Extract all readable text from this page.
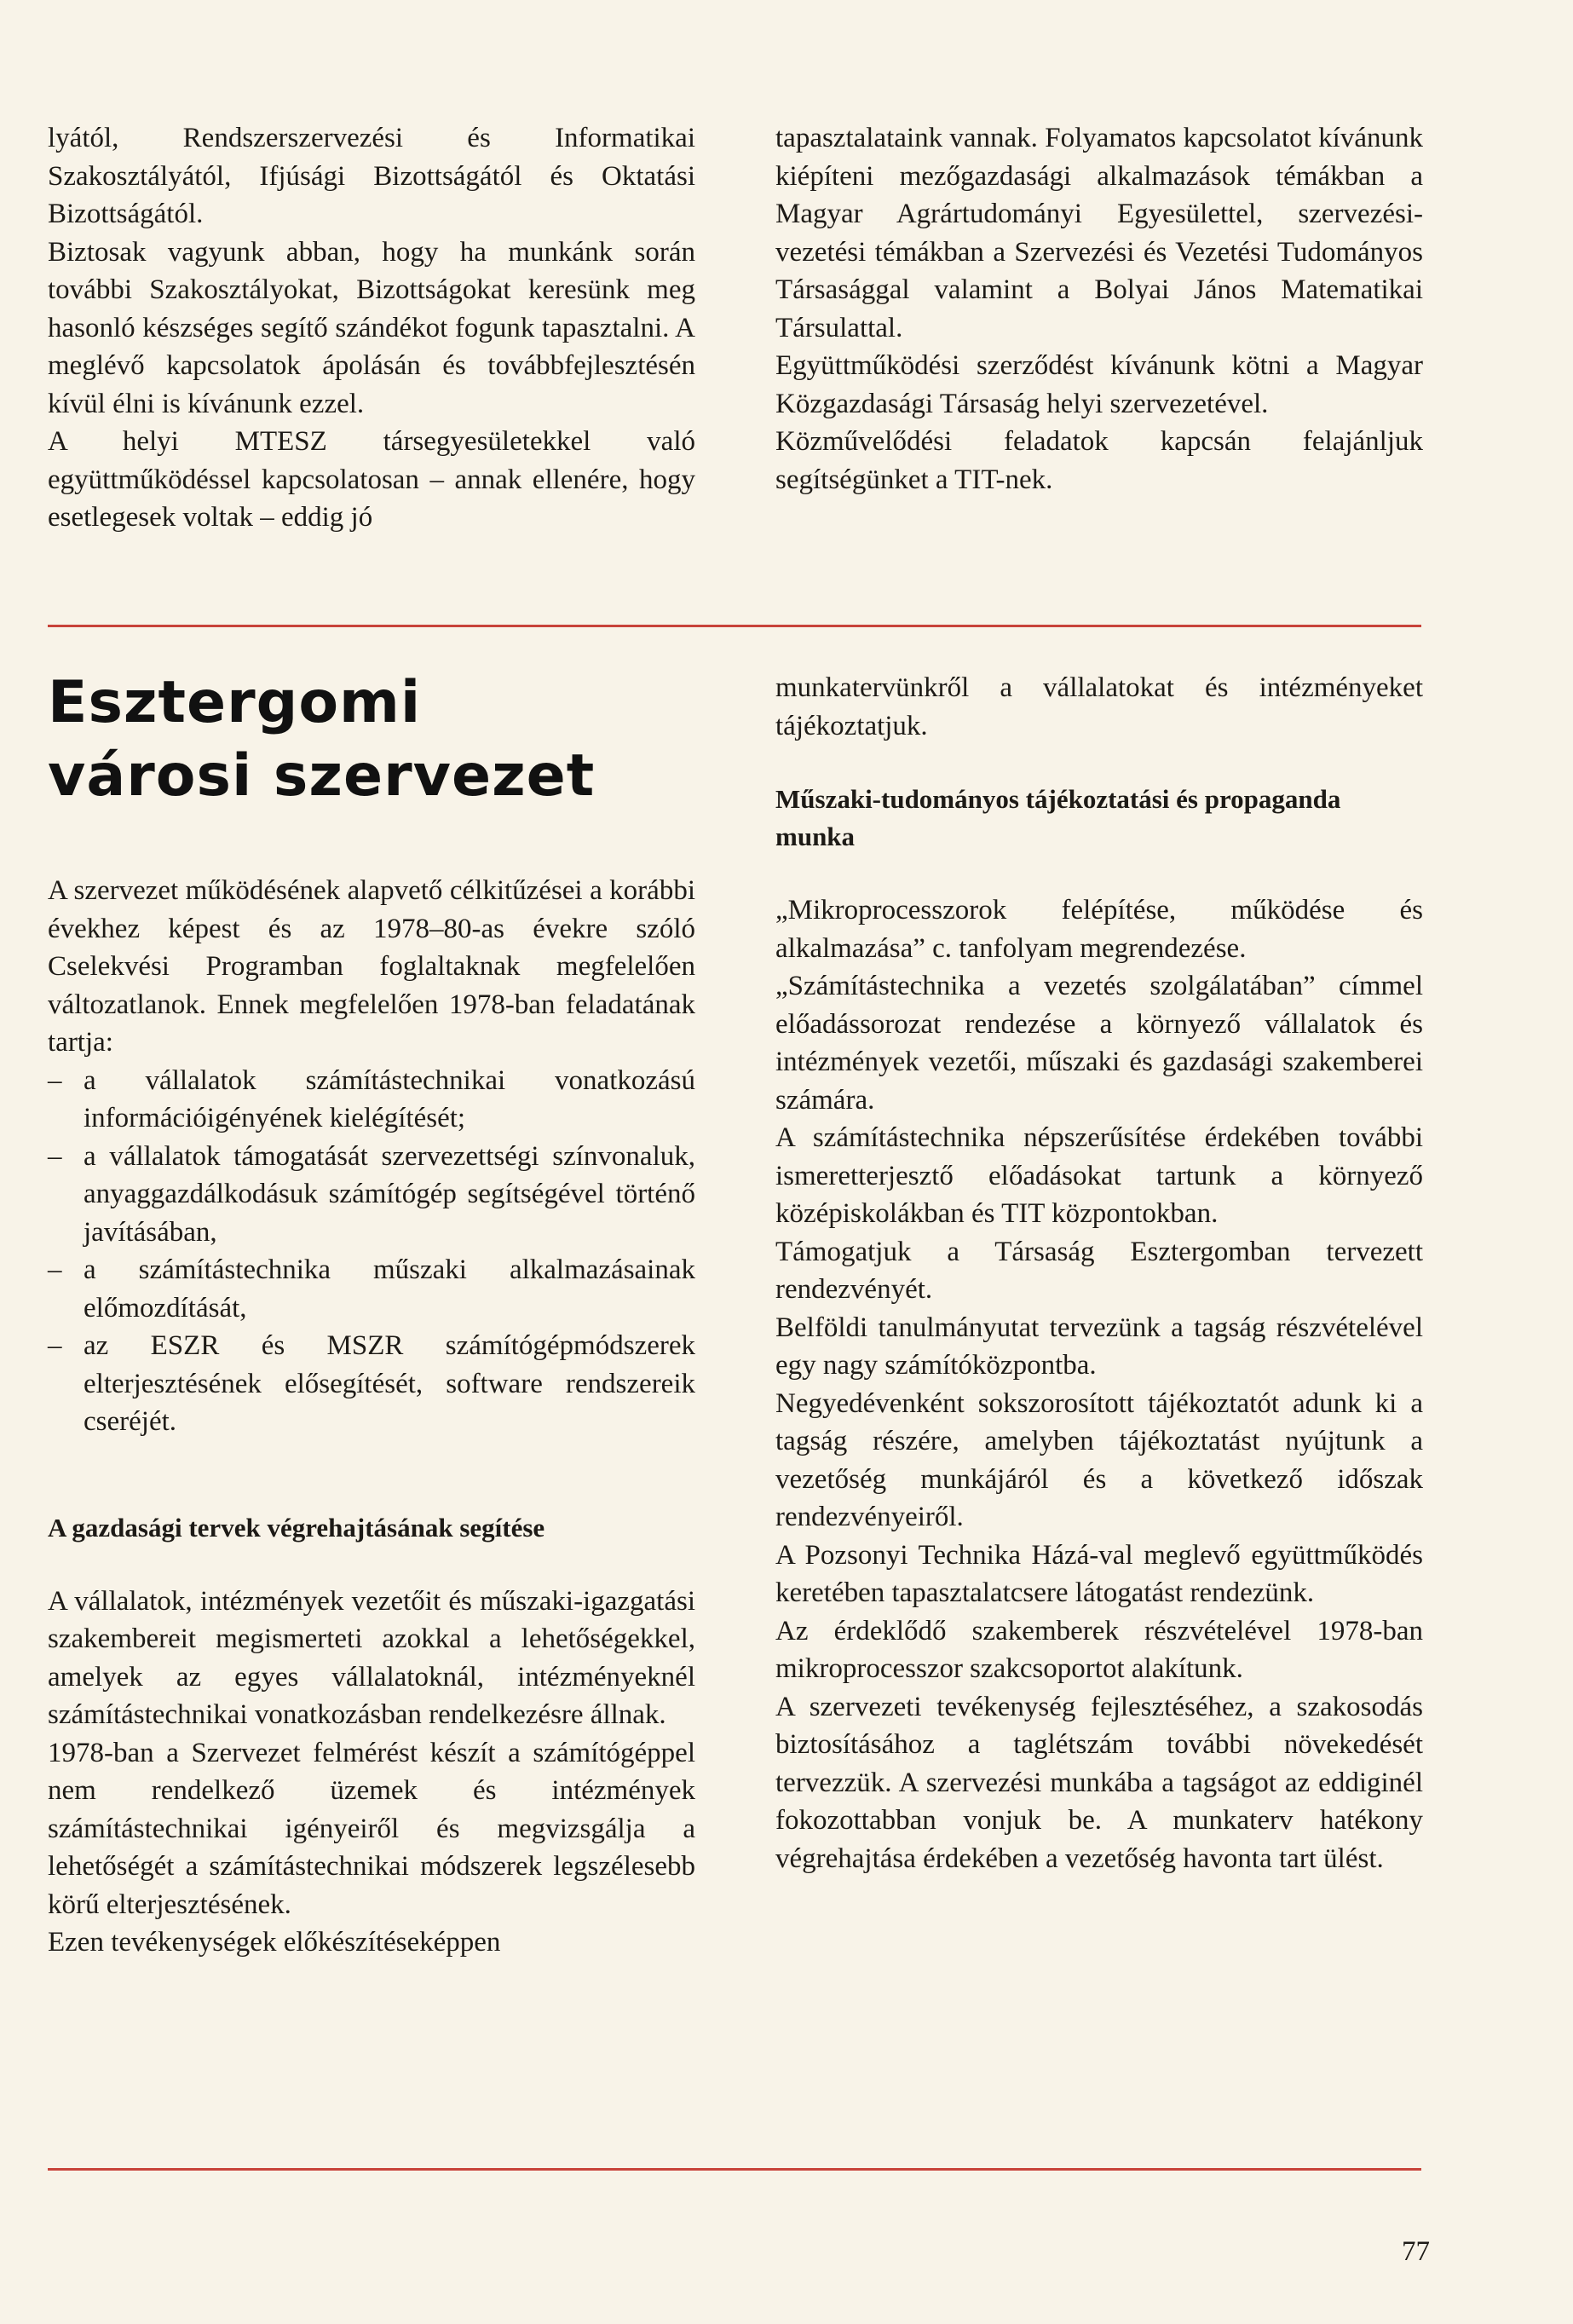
lyától, Rendszerszervezési és Informatikai Szakosztályától, Ifjúsági Bizottságától és Oktatási Bizottságától.

Biztosak vagyunk abban, hogy ha munkánk során további Szakosztályokat, Bizottságokat keresünk meg hasonló készséges segítő szándékot fogunk tapasztalni. A meglévő kapcsolatok ápolásán és továbbfejlesztésén kívül élni is kívánunk ezzel.

A helyi MTESZ társegyesületekkel való együttműködéssel kapcsolatosan – annak ellenére, hogy esetlegesek voltak – eddig jó

tapasztalataink vannak. Folyamatos kapcsolatot kívánunk kiépíteni mezőgazdasági alkalmazások témákban a Magyar Agrártudományi Egyesülettel, szervezési-vezetési témákban a Szervezési és Vezetési Tudományos Társasággal valamint a Bolyai János Matematikai Társulattal.

Együttműködési szerződést kívánunk kötni a Magyar Közgazdasági Társaság helyi szervezetével.

Közművelődési feladatok kapcsán felajánljuk segítségünket a TIT-nek.

Esztergomi
városi szervezet

A szervezet működésének alapvető célkitűzései a korábbi évekhez képest és az 1978–80-as évekre szóló Cselekvési Programban foglaltaknak megfelelően változatlanok. Ennek megfelelően 1978-ban feladatának tartja:

– a vállalatok számítástechnikai vonatkozású információigényének kielégítését;
– a vállalatok támogatását szervezettségi színvonaluk, anyaggazdálkodásuk számítógép segítségével történő javításában,
– a számítástechnika műszaki alkalmazásainak előmozdítását,
– az ESZR és MSZR számítógépmódszerek elterjesztésének elősegítését, software rendszereik cseréjét.

A gazdasági tervek végrehajtásának segítése

A vállalatok, intézmények vezetőit és műszaki-igazgatási szakembereit megismerteti azokkal a lehetőségekkel, amelyek az egyes vállalatoknál, intézményeknél számítástechnikai vonatkozásban rendelkezésre állnak.

1978-ban a Szervezet felmérést készít a számítógéppel nem rendelkező üzemek és intézmények számítástechnikai igényeiről és megvizsgálja a lehetőségét a számítástechnikai módszerek legszélesebb körű elterjesztésének.

Ezen tevékenységek előkészítéseképpen

munkatervünkről a vállalatokat és intézményeket tájékoztatjuk.

Műszaki-tudományos tájékoztatási és propaganda munka

„Mikroprocesszorok felépítése, működése és alkalmazása” c. tanfolyam megrendezése.

„Számítástechnika a vezetés szolgálatában” címmel előadássorozat rendezése a környező vállalatok és intézmények vezetői, műszaki és gazdasági szakemberei számára.

A számítástechnika népszerűsítése érdekében további ismeretterjesztő előadásokat tartunk a környező középiskolákban és TIT központokban.

Támogatjuk a Társaság Esztergomban tervezett rendezvényét.

Belföldi tanulmányutat tervezünk a tagság részvételével egy nagy számítóközpontba.

Negyedévenként sokszorosított tájékoztatót adunk ki a tagság részére, amelyben tájékoztatást nyújtunk a vezetőség munkájáról és a következő időszak rendezvényeiről.

A Pozsonyi Technika Házá-val meglevő együttműködés keretében tapasztalatcsere látogatást rendezünk.

Az érdeklődő szakemberek részvételével 1978-ban mikroprocesszor szakcsoportot alakítunk.

A szervezeti tevékenység fejlesztéséhez, a szakosodás biztosításához a taglétszám további növekedését tervezzük. A szervezési munkába a tagságot az eddiginél fokozottabban vonjuk be. A munkaterv hatékony végrehajtása érdekében a vezetőség havonta tart ülést.

77
